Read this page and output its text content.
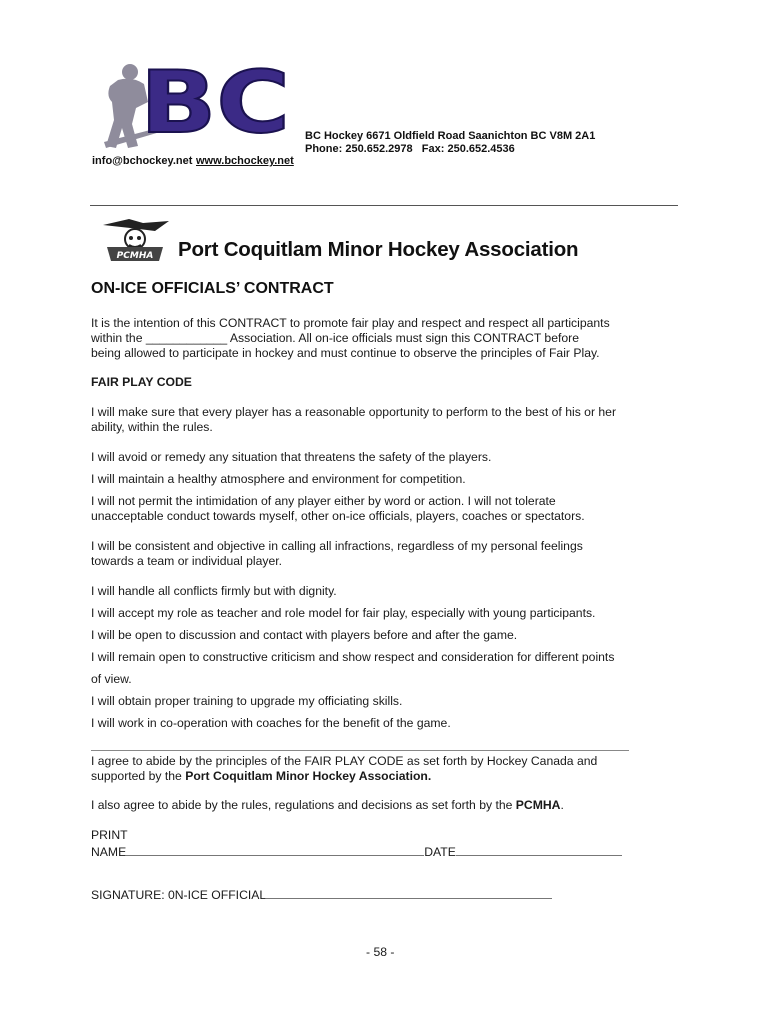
BC BC Hockey 6671 Oldfield Road Saanichton BC V8M 2A1
Phone: 250.652.2978   Fax: 250.652.4536
info@bchockey.net www.bchockey.net
PCMHA Port Coquitlam Minor Hockey Association
ON-ICE OFFICIALS’ CONTRACT
It is the intention of this CONTRACT to promote fair play and respect and respect all participants
within the ____________ Association. All on-ice officials must sign this CONTRACT before
being allowed to participate in hockey and must continue to observe the principles of Fair Play.
FAIR PLAY CODE
I will make sure that every player has a reasonable opportunity to perform to the best of his or her
ability, within the rules.
I will avoid or remedy any situation that threatens the safety of the players.
I will maintain a healthy atmosphere and environment for competition.
I will not permit the intimidation of any player either by word or action. I will not tolerate
unacceptable conduct towards myself, other on-ice officials, players, coaches or spectators.
I will be consistent and objective in calling all infractions, regardless of my personal feelings
towards a team or individual player.
I will handle all conflicts firmly but with dignity.
I will accept my role as teacher and role model for fair play, especially with young participants.
I will be open to discussion and contact with players before and after the game.
I will remain open to constructive criticism and show respect and consideration for different points
of view.
I will obtain proper training to upgrade my officiating skills.
I will work in co-operation with coaches for the benefit of the game.
I agree to abide by the principles of the FAIR PLAY CODE as set forth by Hockey Canada and
supported by the Port Coquitlam Minor Hockey Association.
I also agree to abide by the rules, regulations and decisions as set forth by the PCMHA.
PRINT
NAME	DATE
SIGNATURE: 0N-ICE OFFICIAL
- 58 -
